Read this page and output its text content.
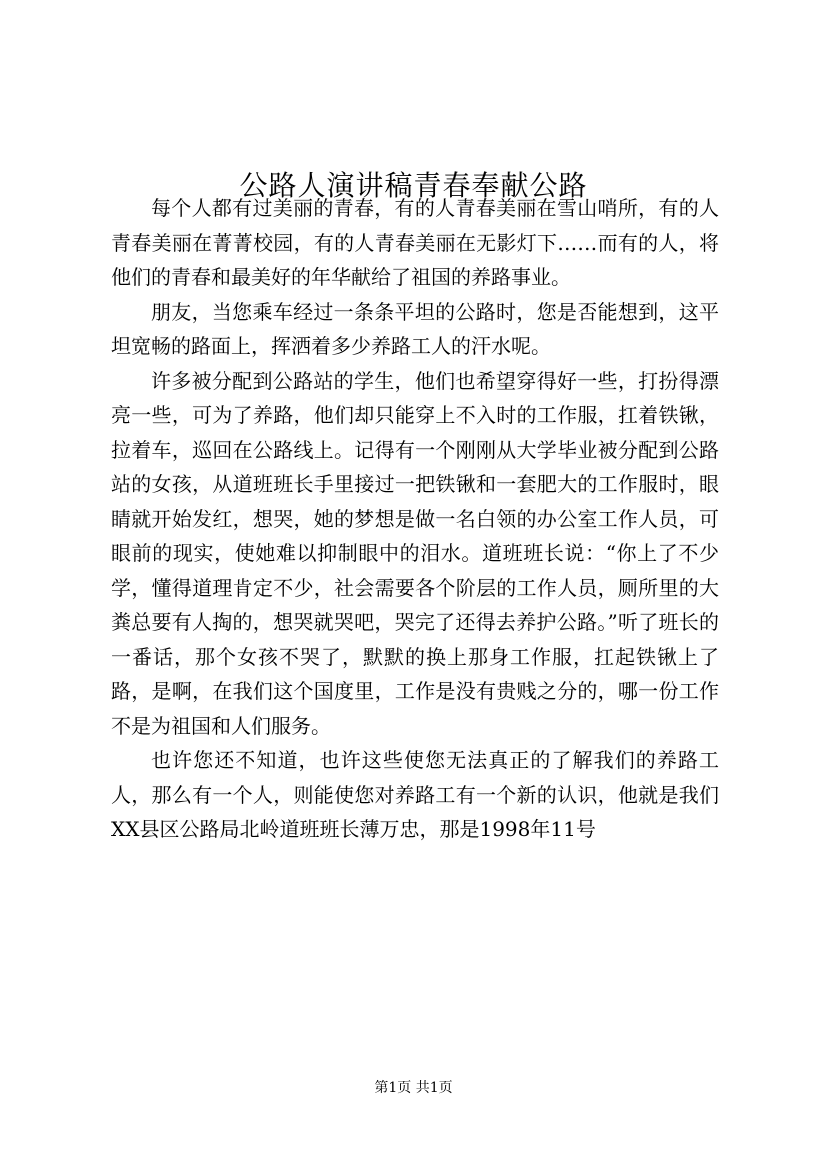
公路人演讲稿青春奉献公路

每个人都有过美丽的青春，有的人青春美丽在雪山哨所，有的人青春美丽在菁菁校园，有的人青春美丽在无影灯下……而有的人，将他们的青春和最美好的年华献给了祖国的养路事业。

朋友，当您乘车经过一条条平坦的公路时，您是否能想到，这平坦宽畅的路面上，挥洒着多少养路工人的汗水呢。

许多被分配到公路站的学生，他们也希望穿得好一些，打扮得漂亮一些，可为了养路，他们却只能穿上不入时的工作服，扛着铁锹，拉着车，巡回在公路线上。记得有一个刚刚从大学毕业被分配到公路站的女孩，从道班班长手里接过一把铁锹和一套肥大的工作服时，眼睛就开始发红，想哭，她的梦想是做一名白领的办公室工作人员，可眼前的现实，使她难以抑制眼中的泪水。道班班长说：“你上了不少学，懂得道理肯定不少，社会需要各个阶层的工作人员，厕所里的大粪总要有人掏的，想哭就哭吧，哭完了还得去养护公路。”听了班长的一番话，那个女孩不哭了，默默的换上那身工作服，扛起铁锹上了路，是啊，在我们这个国度里，工作是没有贵贱之分的，哪一份工作不是为祖国和人们服务。

也许您还不知道，也许这些使您无法真正的了解我们的养路工人，那么有一个人，则能使您对养路工有一个新的认识，他就是我们XX县区公路局北岭道班班长薄万忠，那是1998年11号

第1页 共1页
